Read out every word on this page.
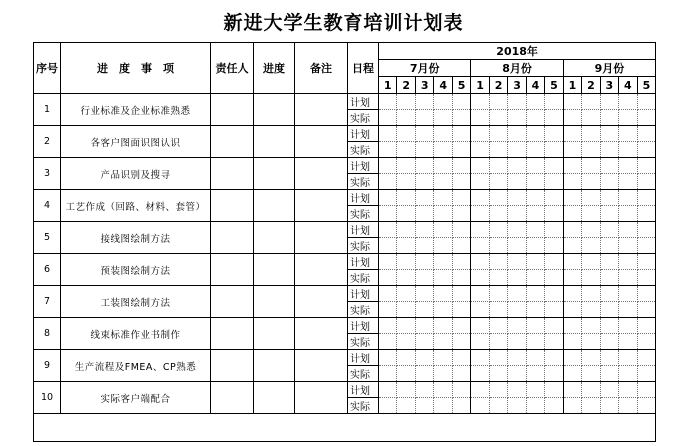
新进大学生教育培训计划表
序号	进　度　事　项	责任人	进度	备注	日程	2018年														
						7月份					8月份					9月份				
						1	2	3	4	5	1	2	3	4	5	1	2	3	4	5
1	行业标准及企业标准熟悉				计划															
					实际															
2	各客户图面识图认识				计划															
					实际															
3	产品识别及搜寻				计划															
					实际															
4	工艺作成（回路、材料、套管）				计划															
					实际															
5	接线图绘制方法				计划															
					实际															
6	预装图绘制方法				计划															
					实际															
7	工装图绘制方法				计划															
					实际															
8	线束标准作业书制作				计划															
					实际															
9	生产流程及FMEA、CP熟悉				计划															
					实际															
10	实际客户端配合				计划															
					实际															
